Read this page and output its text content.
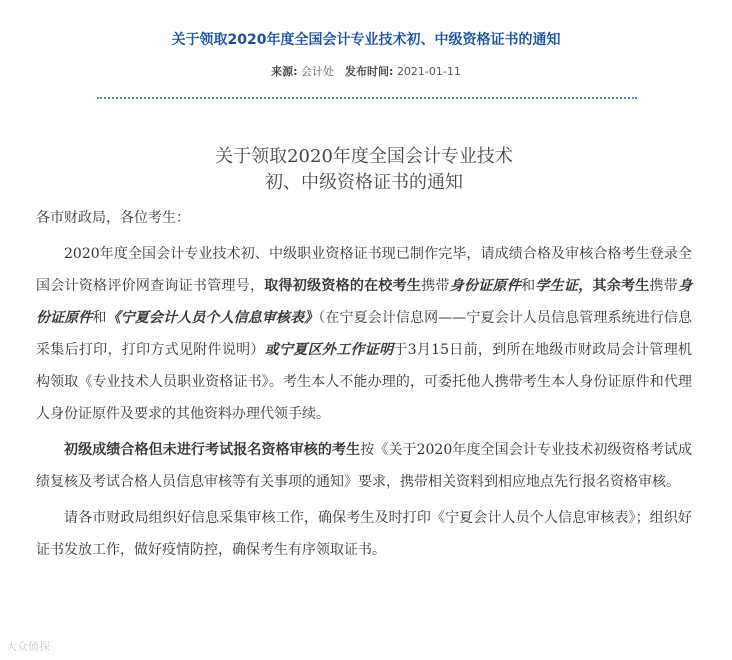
关于领取2020年度全国会计专业技术初、中级资格证书的通知
来源: 会计处 发布时间: 2021-01-11
关于领取2020年度全国会计专业技术
初、中级资格证书的通知

各市财政局，各位考生：

2020年度全国会计专业技术初、中级职业资格证书现已制作完毕，请成绩合格及审核合格考生登录全国会计资格评价网查询证书管理号，取得初级资格的在校考生携带身份证原件和学生证，其余考生携带身份证原件和《宁夏会计人员个人信息审核表》（在宁夏会计信息网——宁夏会计人员信息管理系统进行信息采集后打印，打印方式见附件说明）或宁夏区外工作证明于3月15日前，到所在地级市财政局会计管理机构领取《专业技术人员职业资格证书》。考生本人不能办理的，可委托他人携带考生本人身份证原件和代理人身份证原件及要求的其他资料办理代领手续。

初级成绩合格但未进行考试报名资格审核的考生按《关于2020年度全国会计专业技术初级资格考试成绩复核及考试合格人员信息审核等有关事项的通知》要求，携带相关资料到相应地点先行报名资格审核。

请各市财政局组织好信息采集审核工作，确保考生及时打印《宁夏会计人员个人信息审核表》；组织好证书发放工作，做好疫情防控，确保考生有序领取证书。

大众侦探
